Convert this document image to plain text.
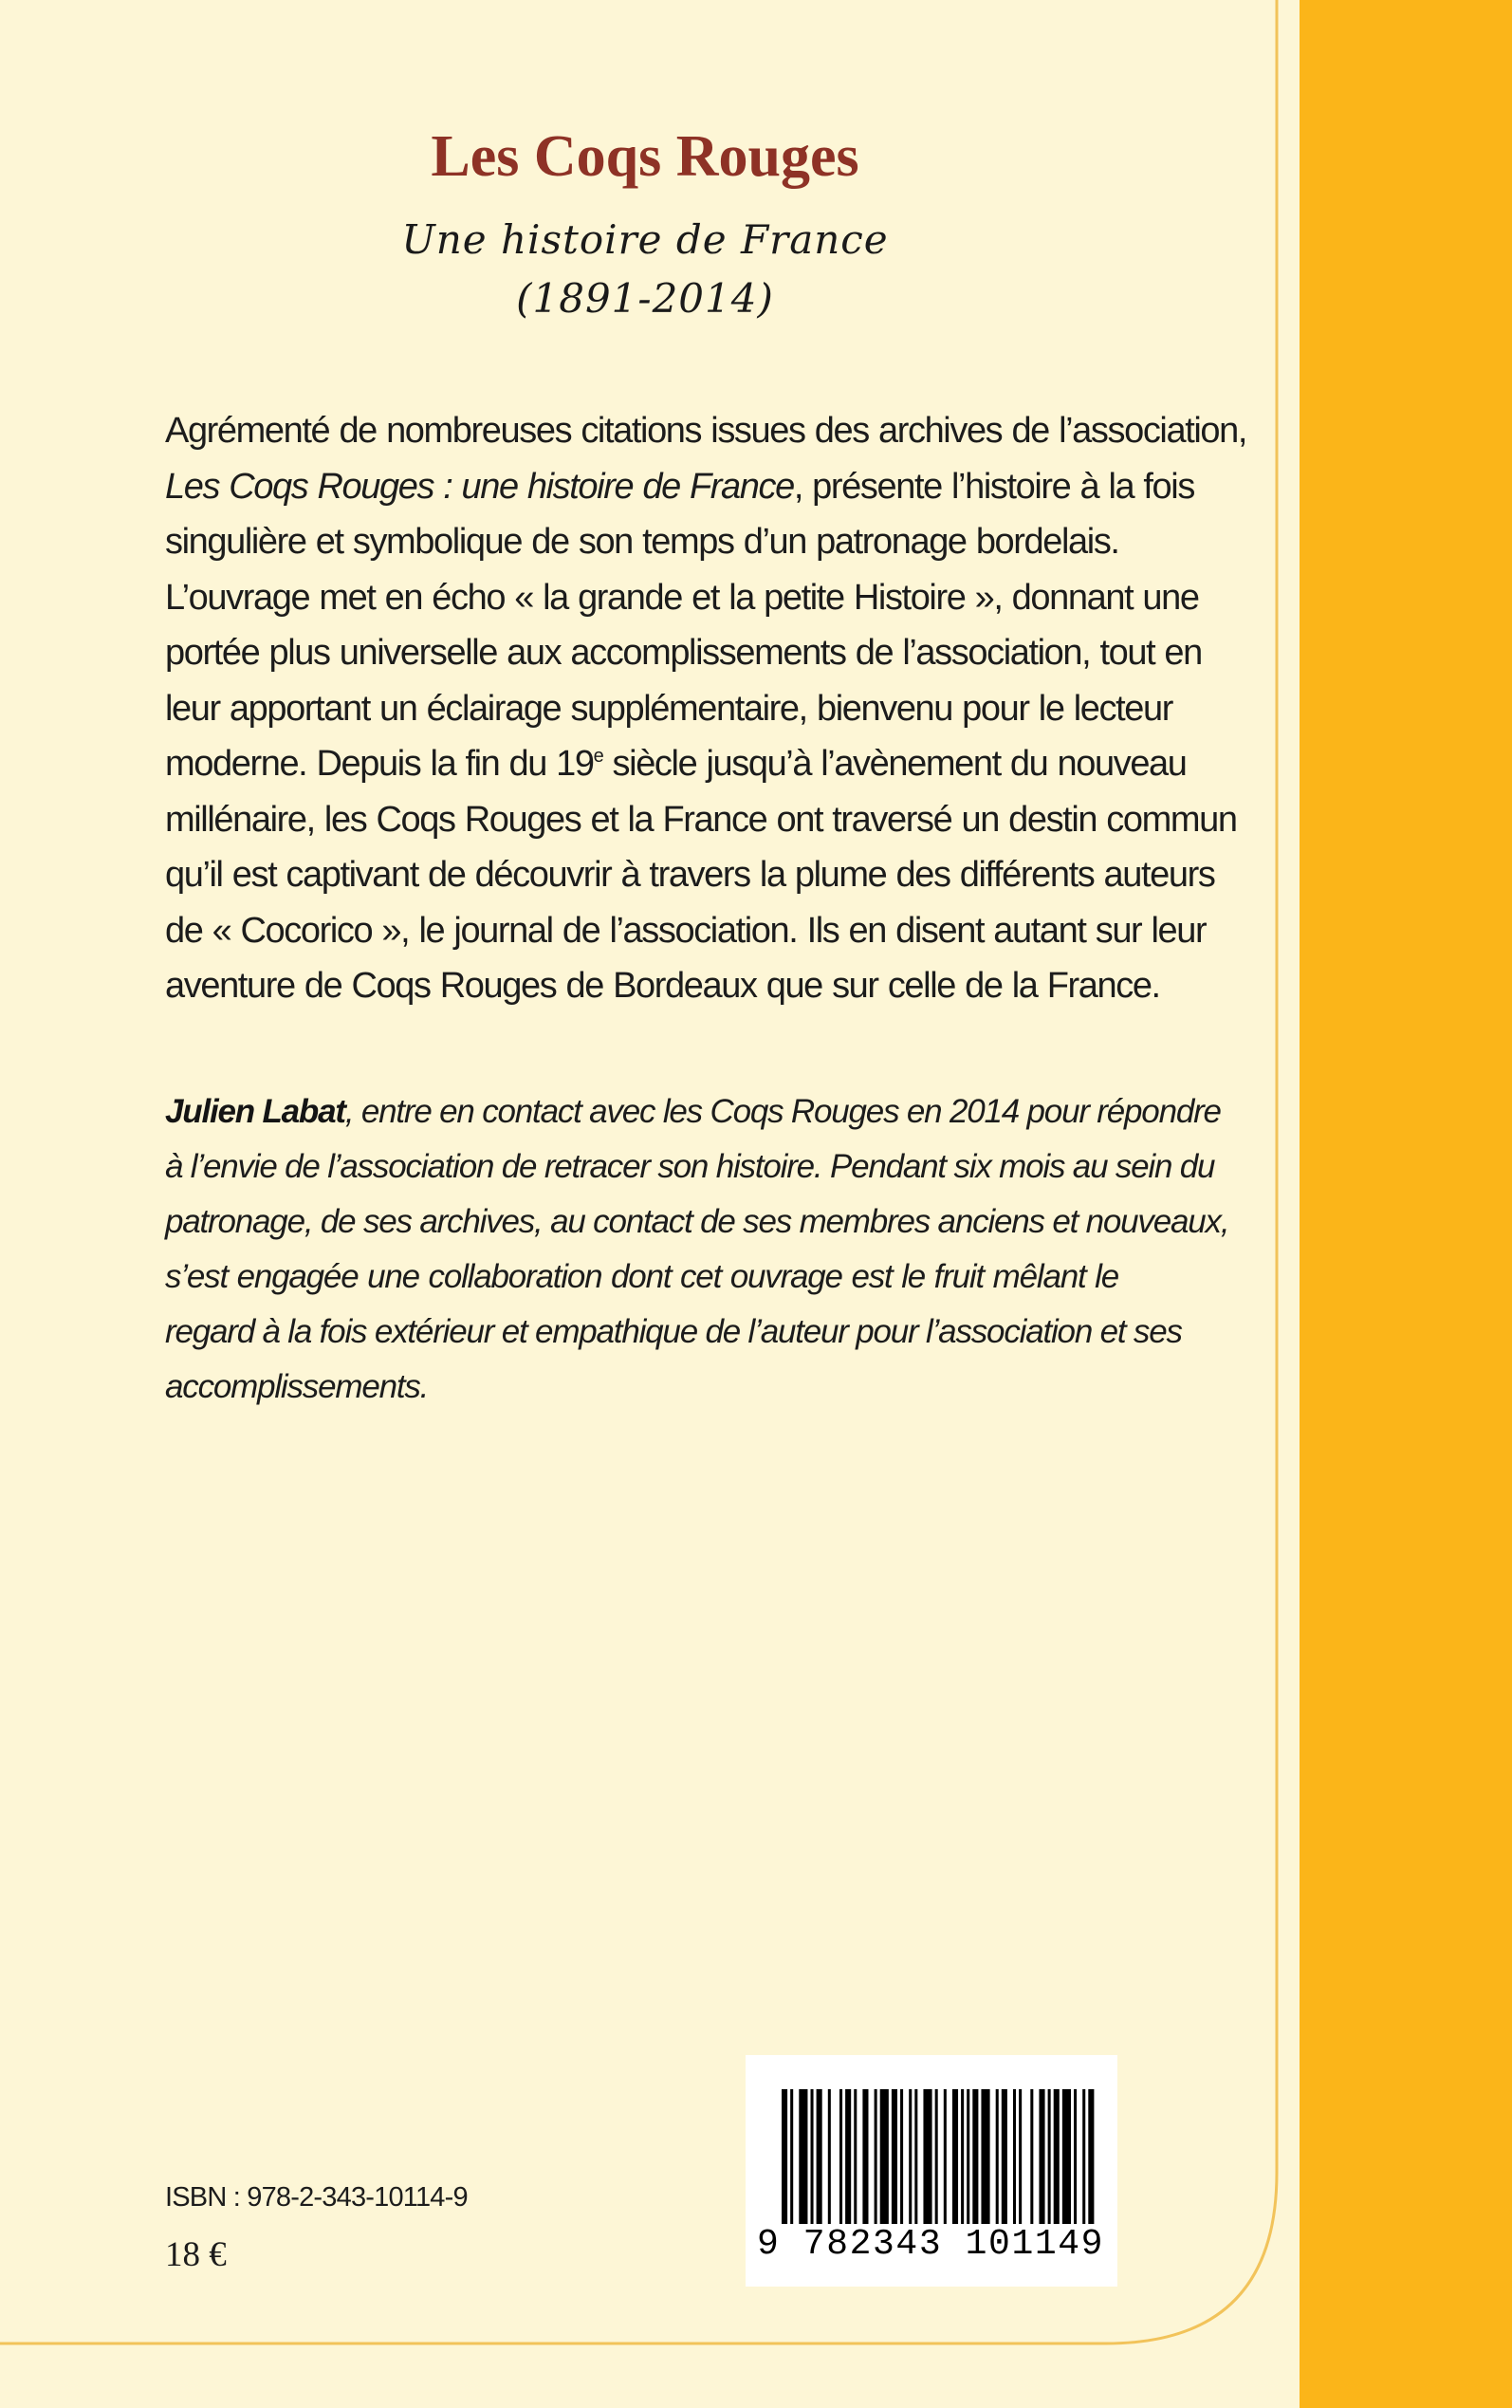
Les Coqs Rouges

Une histoire de France

(1891-2014)

Agrémenté de nombreuses citations issues des archives de l’association,
Les Coqs Rouges : une histoire de France, présente l’histoire à la fois
singulière et symbolique de son temps d’un patronage bordelais.
L’ouvrage met en écho « la grande et la petite Histoire », donnant une
portée plus universelle aux accomplissements de l’association, tout en
leur apportant un éclairage supplémentaire, bienvenu pour le lecteur
moderne. Depuis la fin du 19e siècle jusqu’à l’avènement du nouveau
millénaire, les Coqs Rouges et la France ont traversé un destin commun
qu’il est captivant de découvrir à travers la plume des différents auteurs
de « Cocorico », le journal de l’association. Ils en disent autant sur leur
aventure de Coqs Rouges de Bordeaux que sur celle de la France.
Julien Labat, entre en contact avec les Coqs Rouges en 2014 pour répondre
à l’envie de l’association de retracer son histoire. Pendant six mois au sein du
patronage, de ses archives, au contact de ses membres anciens et nouveaux,
s’est engagée une collaboration dont cet ouvrage est le fruit mêlant le
regard à la fois extérieur et empathique de l’auteur pour l’association et ses
accomplissements.
9 782343 101149
ISBN : 978-2-343-10114-9
18 €
